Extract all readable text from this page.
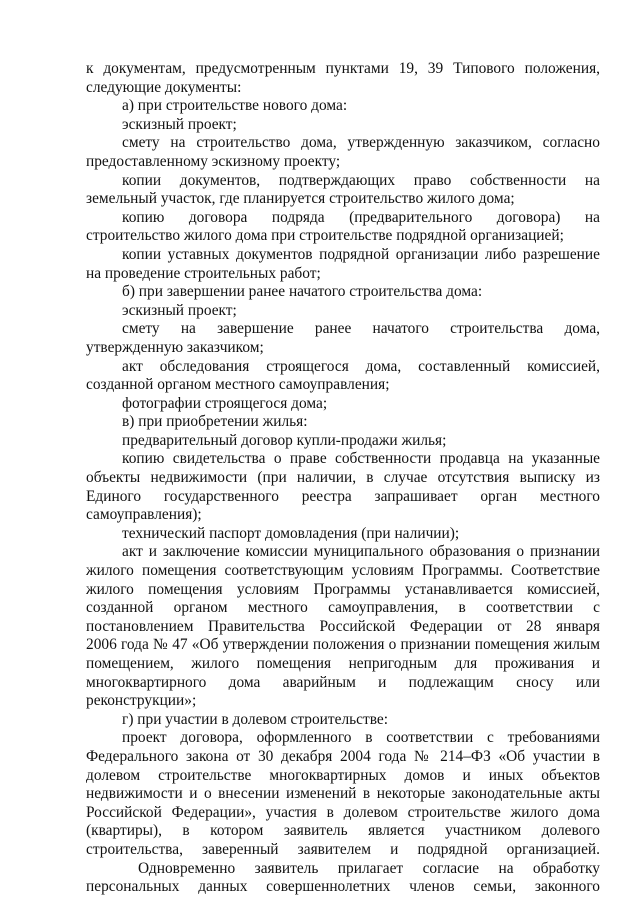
к документам, предусмотренным пунктами 19, 39 Типового положения,
следующие документы:
а) при строительстве нового дома:
эскизный проект;
смету на строительство дома, утвержденную заказчиком, согласно
предоставленному эскизному проекту;
копии документов, подтверждающих право собственности на
земельный участок, где планируется строительство жилого дома;
копию договора подряда (предварительного договора) на
строительство жилого дома при строительстве подрядной организацией;
копии уставных документов подрядной организации либо разрешение
на проведение строительных работ;
б) при завершении ранее начатого строительства дома:
эскизный проект;
смету на завершение ранее начатого строительства дома,
утвержденную заказчиком;
акт обследования строящегося дома, составленный комиссией,
созданной органом местного самоуправления;
фотографии строящегося дома;
в) при приобретении жилья:
предварительный договор купли-продажи жилья;
копию свидетельства о праве собственности продавца на указанные
объекты недвижимости (при наличии, в случае отсутствия выписку из
Единого государственного реестра запрашивает орган местного
самоуправления);
технический паспорт домовладения (при наличии);
акт и заключение комиссии муниципального образования о признании
жилого помещения соответствующим условиям Программы. Соответствие
жилого помещения условиям Программы устанавливается комиссией,
созданной органом местного самоуправления, в соответствии с
постановлением Правительства Российской Федерации от 28 января
2006 года № 47 «Об утверждении положения о признании помещения жилым
помещением, жилого помещения непригодным для проживания и
многоквартирного дома аварийным и подлежащим сносу или
реконструкции»;
г) при участии в долевом строительстве:
проект договора, оформленного в соответствии с требованиями
Федерального закона от 30 декабря 2004 года № 214–ФЗ «Об участии в
долевом строительстве многоквартирных домов и иных объектов
недвижимости и о внесении изменений в некоторые законодательные акты
Российской Федерации», участия в долевом строительстве жилого дома
(квартиры), в котором заявитель является участником долевого
строительства, заверенный заявителем и подрядной организацией.
Одновременно заявитель прилагает согласие на обработку
персональных данных совершеннолетних членов семьи, законного
